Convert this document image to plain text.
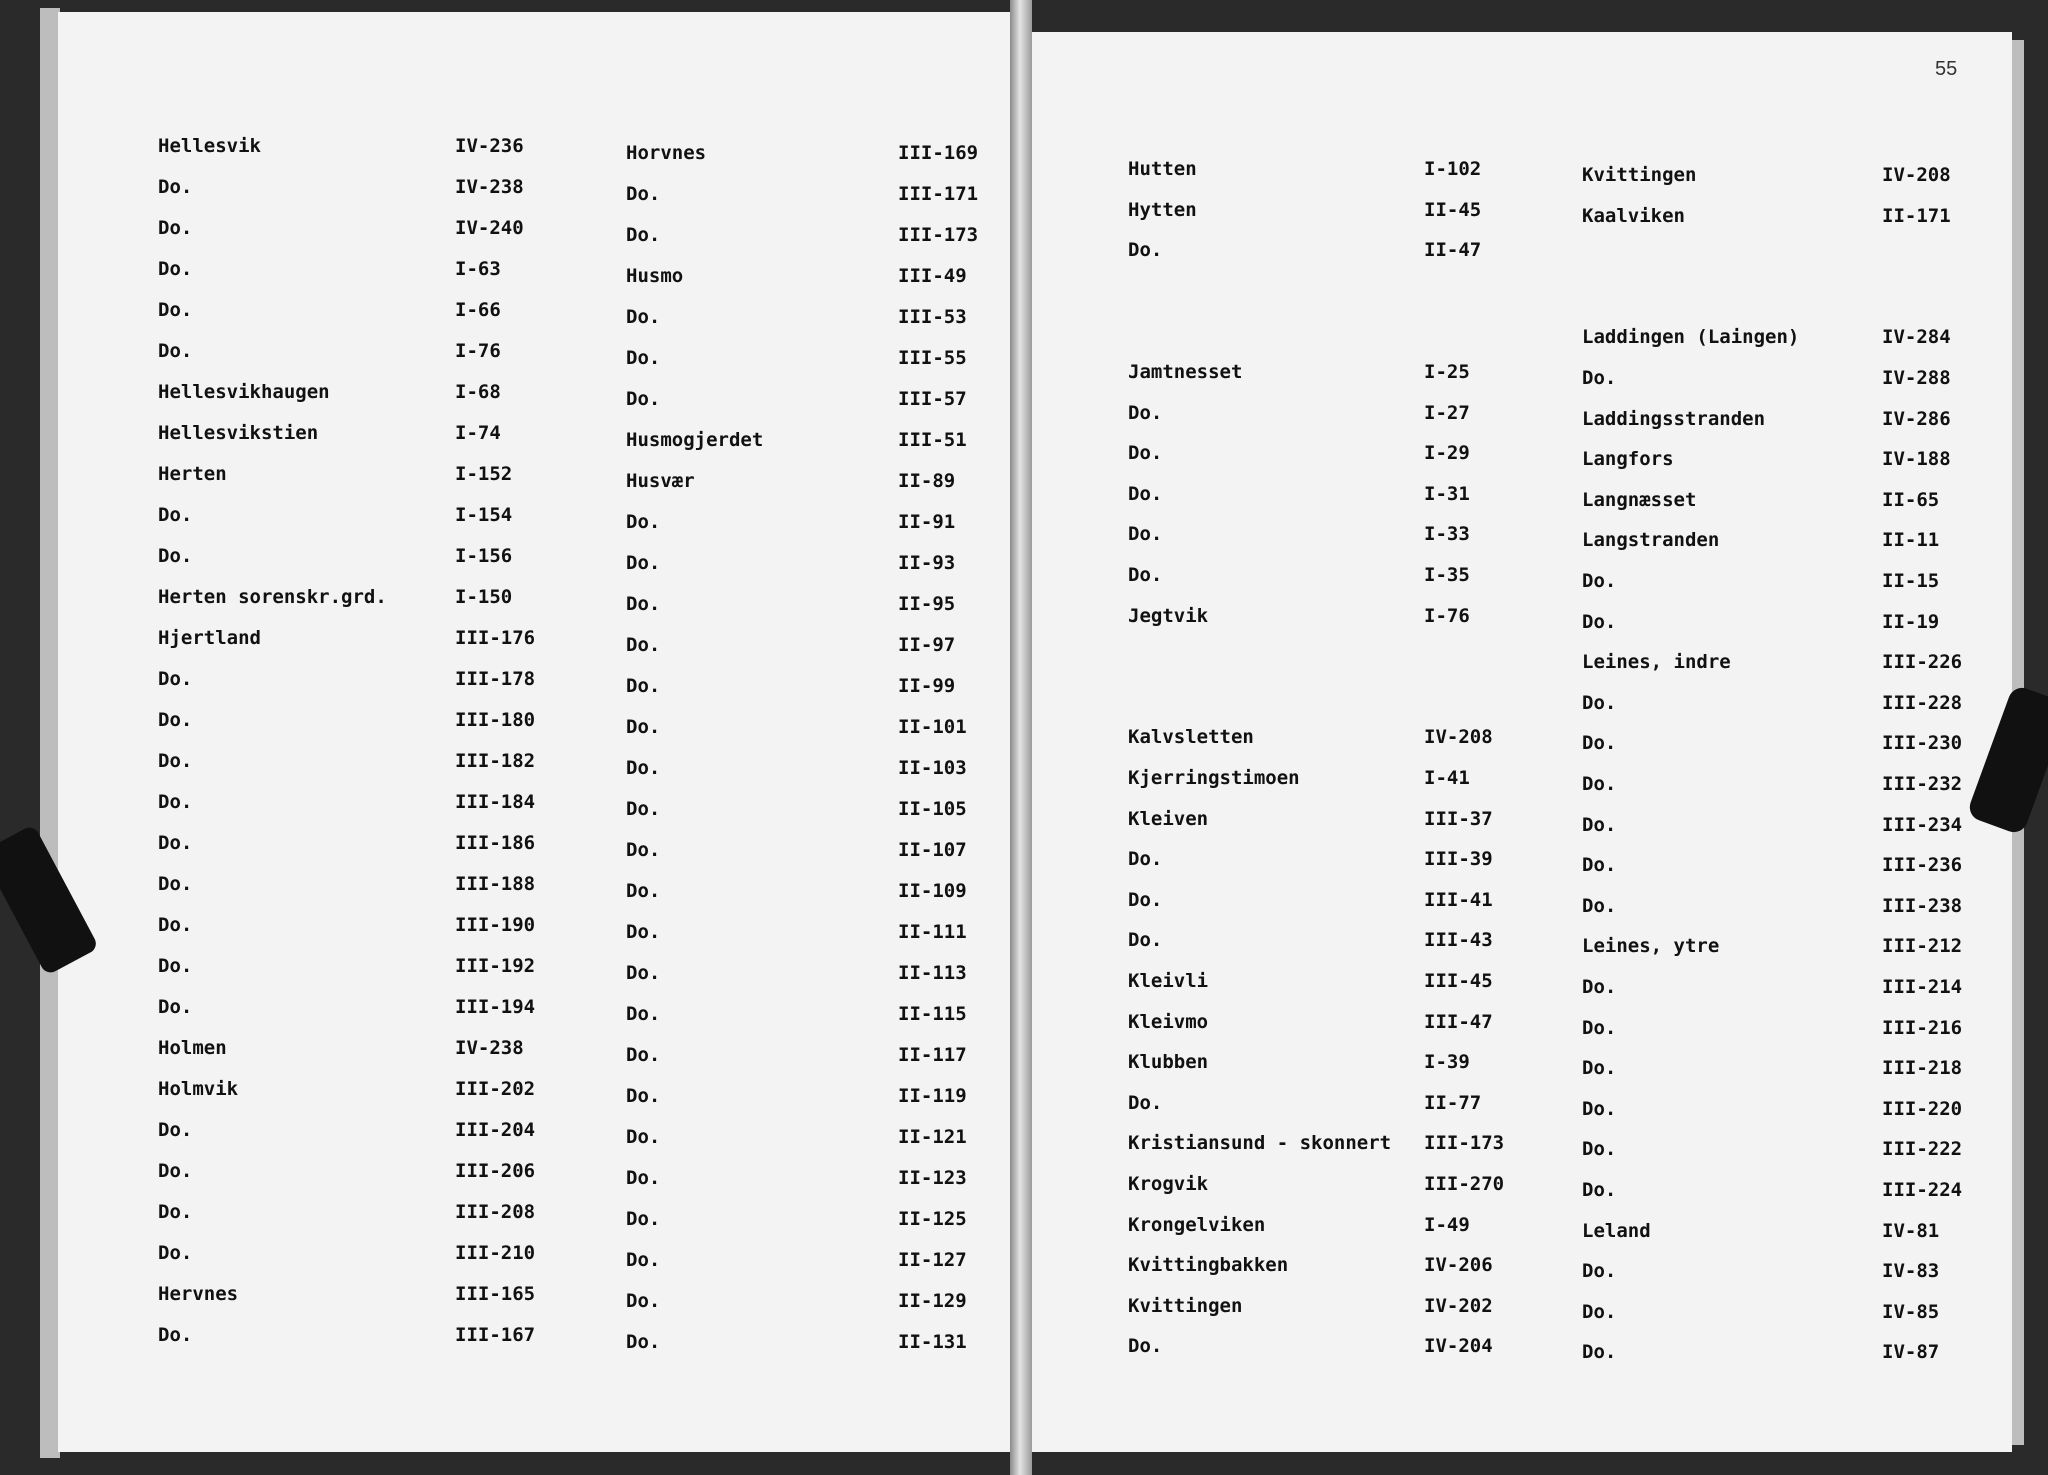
55
Hellesvik	IV-236
Do.	IV-238
Do.	IV-240
Do.	I-63
Do.	I-66
Do.	I-76
Hellesvikhaugen	I-68
Hellesvikstien	I-74
Herten	I-152
Do.	I-154
Do.	I-156
Herten sorenskr.grd.	I-150
Hjertland	III-176
Do.	III-178
Do.	III-180
Do.	III-182
Do.	III-184
Do.	III-186
Do.	III-188
Do.	III-190
Do.	III-192
Do.	III-194
Holmen	IV-238
Holmvik	III-202
Do.	III-204
Do.	III-206
Do.	III-208
Do.	III-210
Hervnes	III-165
Do.	III-167
Horvnes	III-169
Do.	III-171
Do.	III-173
Husmo	III-49
Do.	III-53
Do.	III-55
Do.	III-57
Husmogjerdet	III-51
Husvær	II-89
Do.	II-91
Do.	II-93
Do.	II-95
Do.	II-97
Do.	II-99
Do.	II-101
Do.	II-103
Do.	II-105
Do.	II-107
Do.	II-109
Do.	II-111
Do.	II-113
Do.	II-115
Do.	II-117
Do.	II-119
Do.	II-121
Do.	II-123
Do.	II-125
Do.	II-127
Do.	II-129
Do.	II-131
Hutten	I-102
Hytten	II-45
Do.	II-47
Jamtnesset	I-25
Do.	I-27
Do.	I-29
Do.	I-31
Do.	I-33
Do.	I-35
Jegtvik	I-76
Kalvsletten	IV-208
Kjerringstimoen	I-41
Kleiven	III-37
Do.	III-39
Do.	III-41
Do.	III-43
Kleivli	III-45
Kleivmo	III-47
Klubben	I-39
Do.	II-77
Kristiansund - skonnert III-173
Krogvik	III-270
Krongelviken	I-49
Kvittingbakken	IV-206
Kvittingen	IV-202
Do.	IV-204
Kvittingen	IV-208
Kaalviken	II-171
Laddingen (Laingen)	IV-284
Do.	IV-288
Laddingsstranden	IV-286
Langfors	IV-188
Langnæsset	II-65
Langstranden	II-11
Do.	II-15
Do.	II-19
Leines, indre	III-226
Do.	III-228
Do.	III-230
Do.	III-232
Do.	III-234
Do.	III-236
Do.	III-238
Leines, ytre	III-212
Do.	III-214
Do.	III-216
Do.	III-218
Do.	III-220
Do.	III-222
Do.	III-224
Leland	IV-81
Do.	IV-83
Do.	IV-85
Do.	IV-87
